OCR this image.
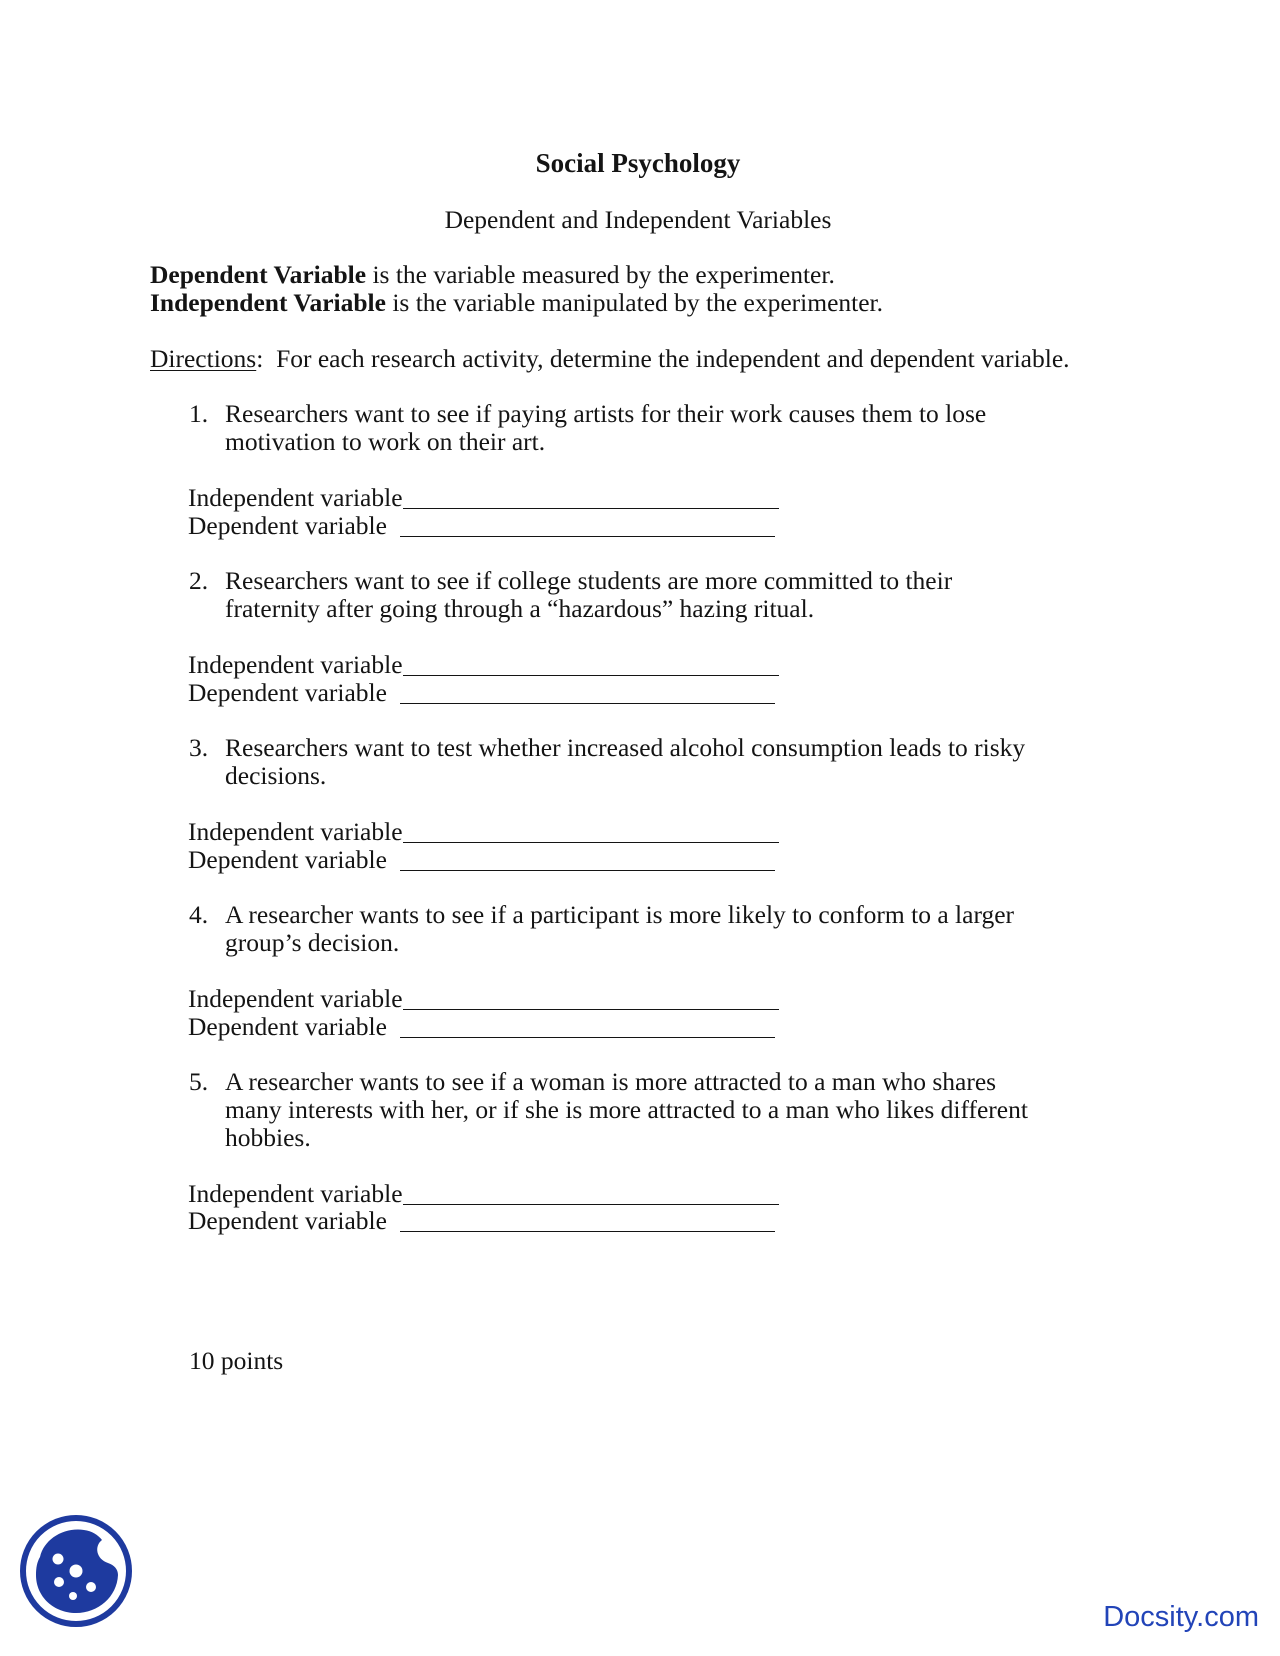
Social Psychology
Dependent and Independent Variables
Dependent Variable is the variable measured by the experimenter.
Independent Variable is the variable manipulated by the experimenter.
Directions:  For each research activity, determine the independent and dependent variable.
1. Researchers want to see if paying artists for their work causes them to lose
motivation to work on their art.
Independent variable
Dependent variable
2. Researchers want to see if college students are more committed to their
fraternity after going through a “hazardous” hazing ritual.
Independent variable
Dependent variable
3. Researchers want to test whether increased alcohol consumption leads to risky
decisions.
Independent variable
Dependent variable
4. A researcher wants to see if a participant is more likely to conform to a larger
group’s decision.
Independent variable
Dependent variable
5. A researcher wants to see if a woman is more attracted to a man who shares
many interests with her, or if she is more attracted to a man who likes different
hobbies.
Independent variable
Dependent variable
10 points
Docsity.com
